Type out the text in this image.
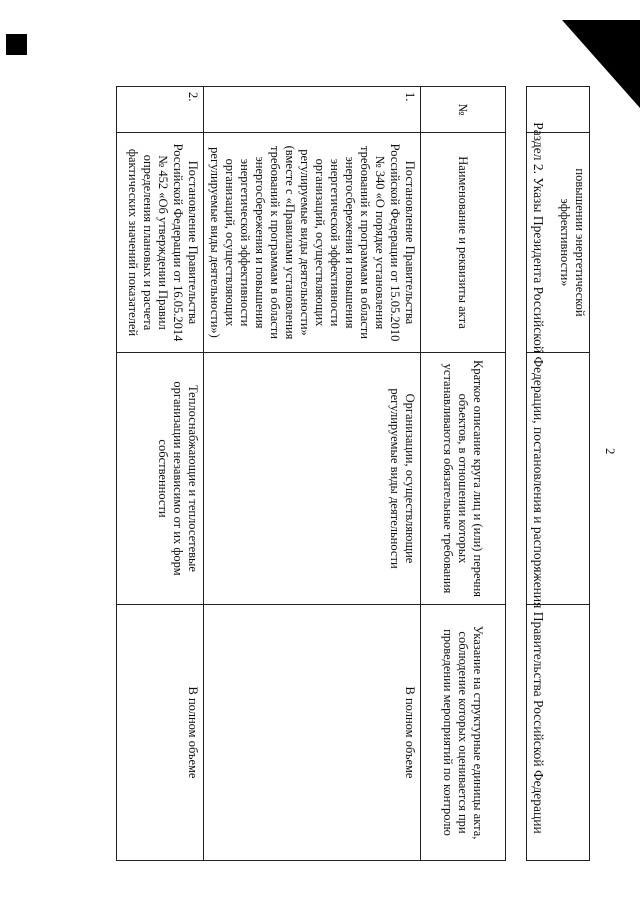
2
	повышении энергетической эффективности»		
Раздел 2. Указы Президента Российской Федерации, постановления и распоряжения Правительства Российской Федерации
№	Наименование и реквизиты акта	Краткое описание круга лиц и (или) перечня объектов, в отношении которых устанавливаются обязательные требования	Указание на структурные единицы акта, соблюдение которых оценивается при проведении мероприятий по контролю
1.	Постановление Правительства Российской Федерации от 15.05.2010 № 340 «О порядке установления требований к программам в области энергосбережения и повышения энергетической эффективности организаций, осуществляющих регулируемые виды деятельности» (вместе с «Правилами установления требований к программам в области энергосбережения и повышения энергетической эффективности организаций, осуществляющих регулируемые виды деятельности»)	Организации, осуществляющие регулируемые виды деятельности	В полном объеме
2.	Постановление Правительства Российской Федерации от 16.05.2014 № 452 «Об утверждении Правил определения плановых и расчета фактических значений показателей	Теплоснабжающие и теплосетевые организации независимо от их форм собственности	В полном объеме
